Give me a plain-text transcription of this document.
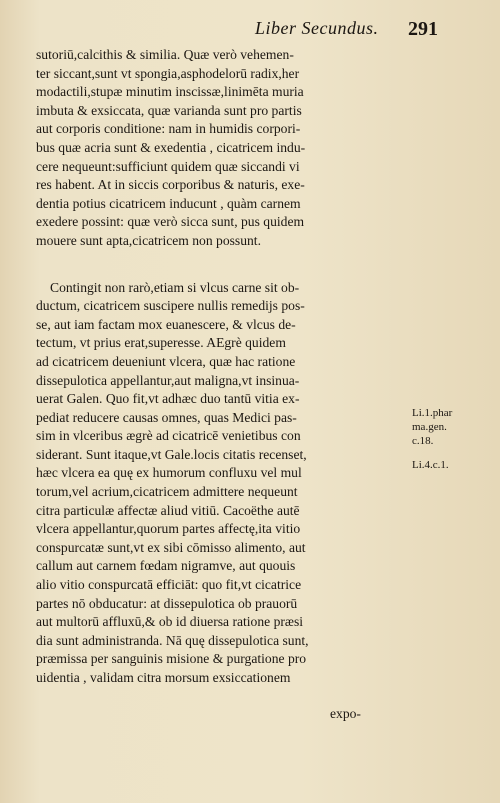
Liber Secundus.	291
sutoriū,calcithis & similia. Quæ verò vehemen-
ter siccant,sunt vt spongia,asphodelorū radix,her
modactili,stupæ minutim inscissæ,linimēta muria
imbuta & exsiccata, quæ varianda sunt pro partis
aut corporis conditione: nam in humidis corpori-
bus quæ acria sunt & exedentia , cicatricem indu-
cere nequeunt:sufficiunt quidem quæ siccandi vi
res habent. At in siccis corporibus & naturis, exe-
dentia potius cicatricem inducunt , quàm carnem
exedere possint: quæ verò sicca sunt, pus quidem
mouere sunt apta,cicatricem non possunt.
Contingit non rarò,etiam si vlcus carne sit ob-
ductum, cicatricem suscipere nullis remedijs pos-
se, aut iam factam mox euanescere, & vlcus de-
tectum, vt prius erat,superesse. AEgrè quidem
ad cicatricem deueniunt vlcera, quæ hac ratione
dissepulotica appellantur,aut maligna,vt insinua-
uerat Galen. Quo fit,vt adhæc duo tantū vitia ex-
pediat reducere causas omnes, quas Medici pas-
sim in vlceribus ægrè ad cicatricē venietibus con
siderant. Sunt itaque,vt Gale.locis citatis recenset,
hæc vlcera ea quę ex humorum confluxu vel mul
torum,vel acrium,cicatricem admittere nequeunt
citra particulæ affectæ aliud vitiū. Cacoëthe autē
vlcera appellantur,quorum partes affectę,ita vitio
conspurcatæ sunt,vt ex sibi cōmisso alimento, aut
callum aut carnem fœdam nigramve, aut quouis
alio vitio conspurcatā efficiāt: quo fit,vt cicatrice
partes nō obducatur: at dissepulotica ob prauorū
aut multorū affluxū,& ob id diuersa ratione præsi
dia sunt administranda. Nā quę dissepulotica sunt,
præmissa per sanguinis misione & purgatione pro
uidentia , validam citra morsum exsiccationem
expo-
Li.1.phar
ma.gen.
c.18.
Li.4.c.1.
